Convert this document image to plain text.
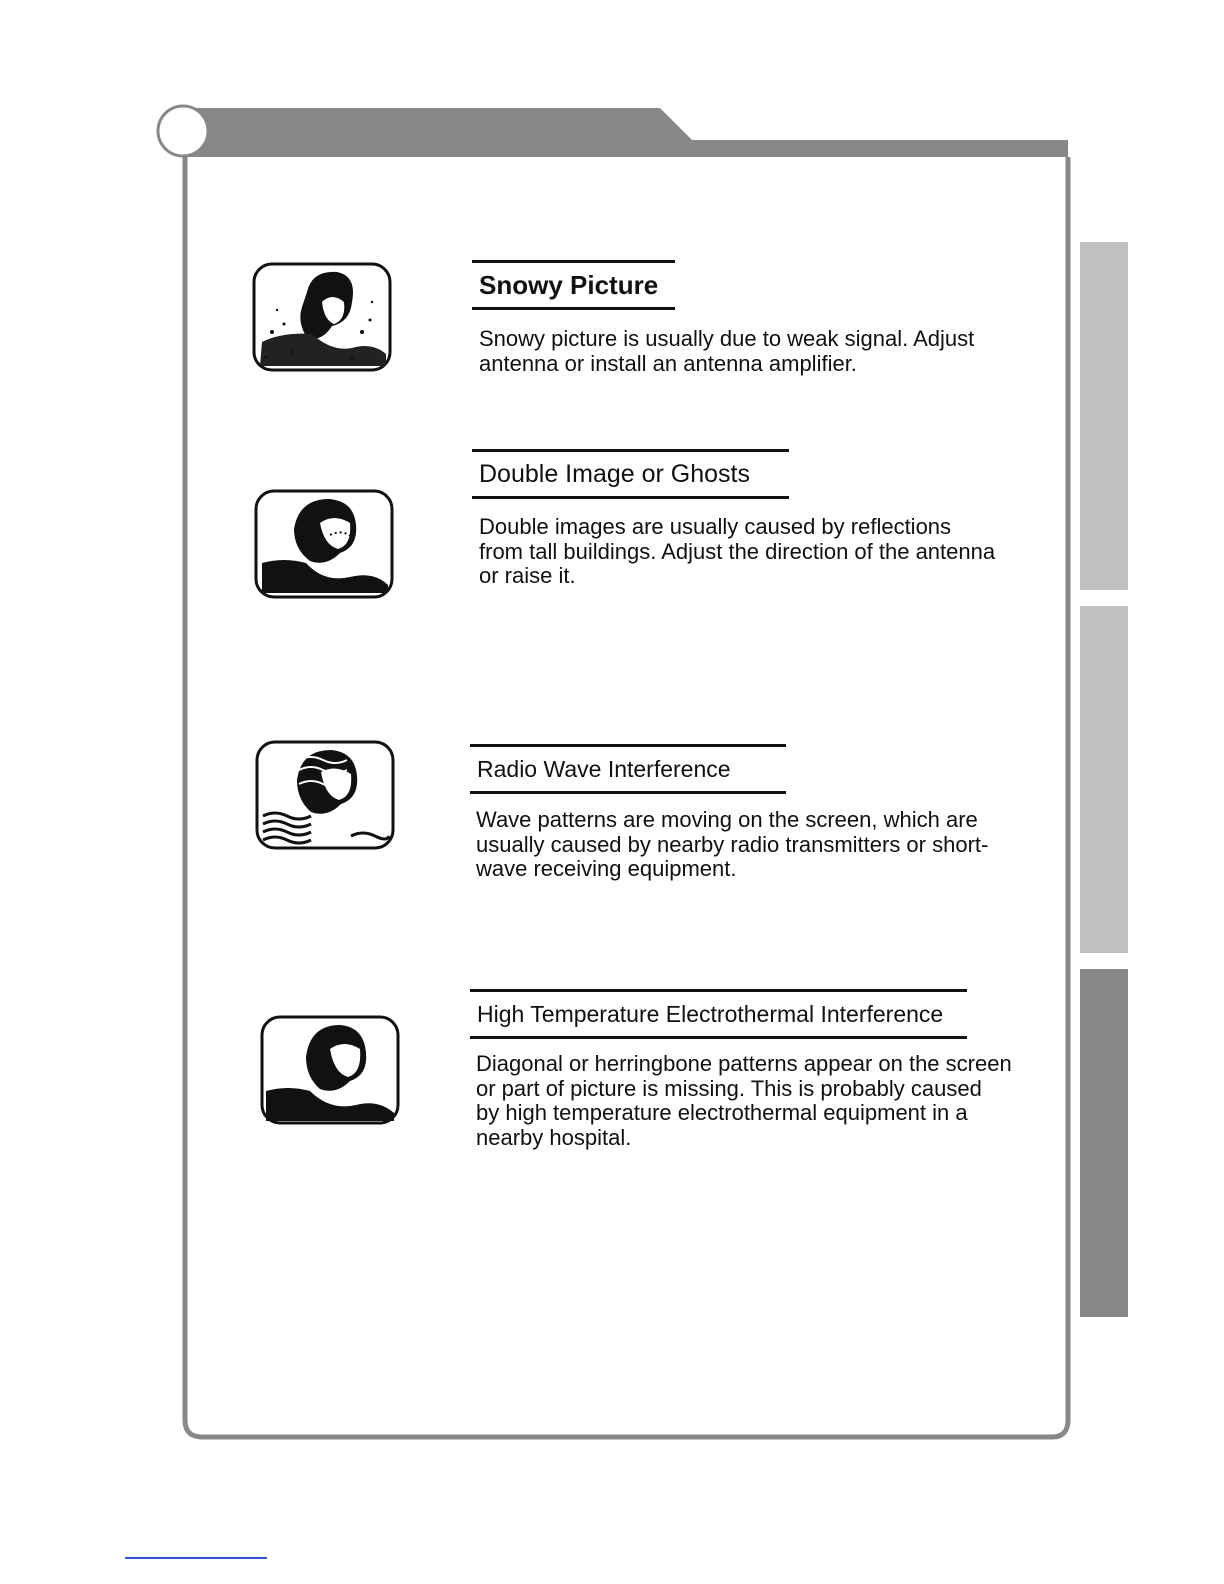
Snowy Picture

Snowy picture is usually due to weak signal. Adjust
antenna or install an antenna amplifier.

Double Image or Ghosts

Double images are usually caused by reflections
from tall buildings. Adjust the direction of the antenna
or raise it.

Radio Wave Interference

Wave patterns are moving on the screen, which are
usually caused by nearby radio transmitters or short-
wave receiving equipment.

High Temperature Electrothermal Interference

Diagonal or herringbone patterns appear on the screen
or part of picture is missing. This is probably caused
by high temperature electrothermal equipment in a
nearby hospital.
